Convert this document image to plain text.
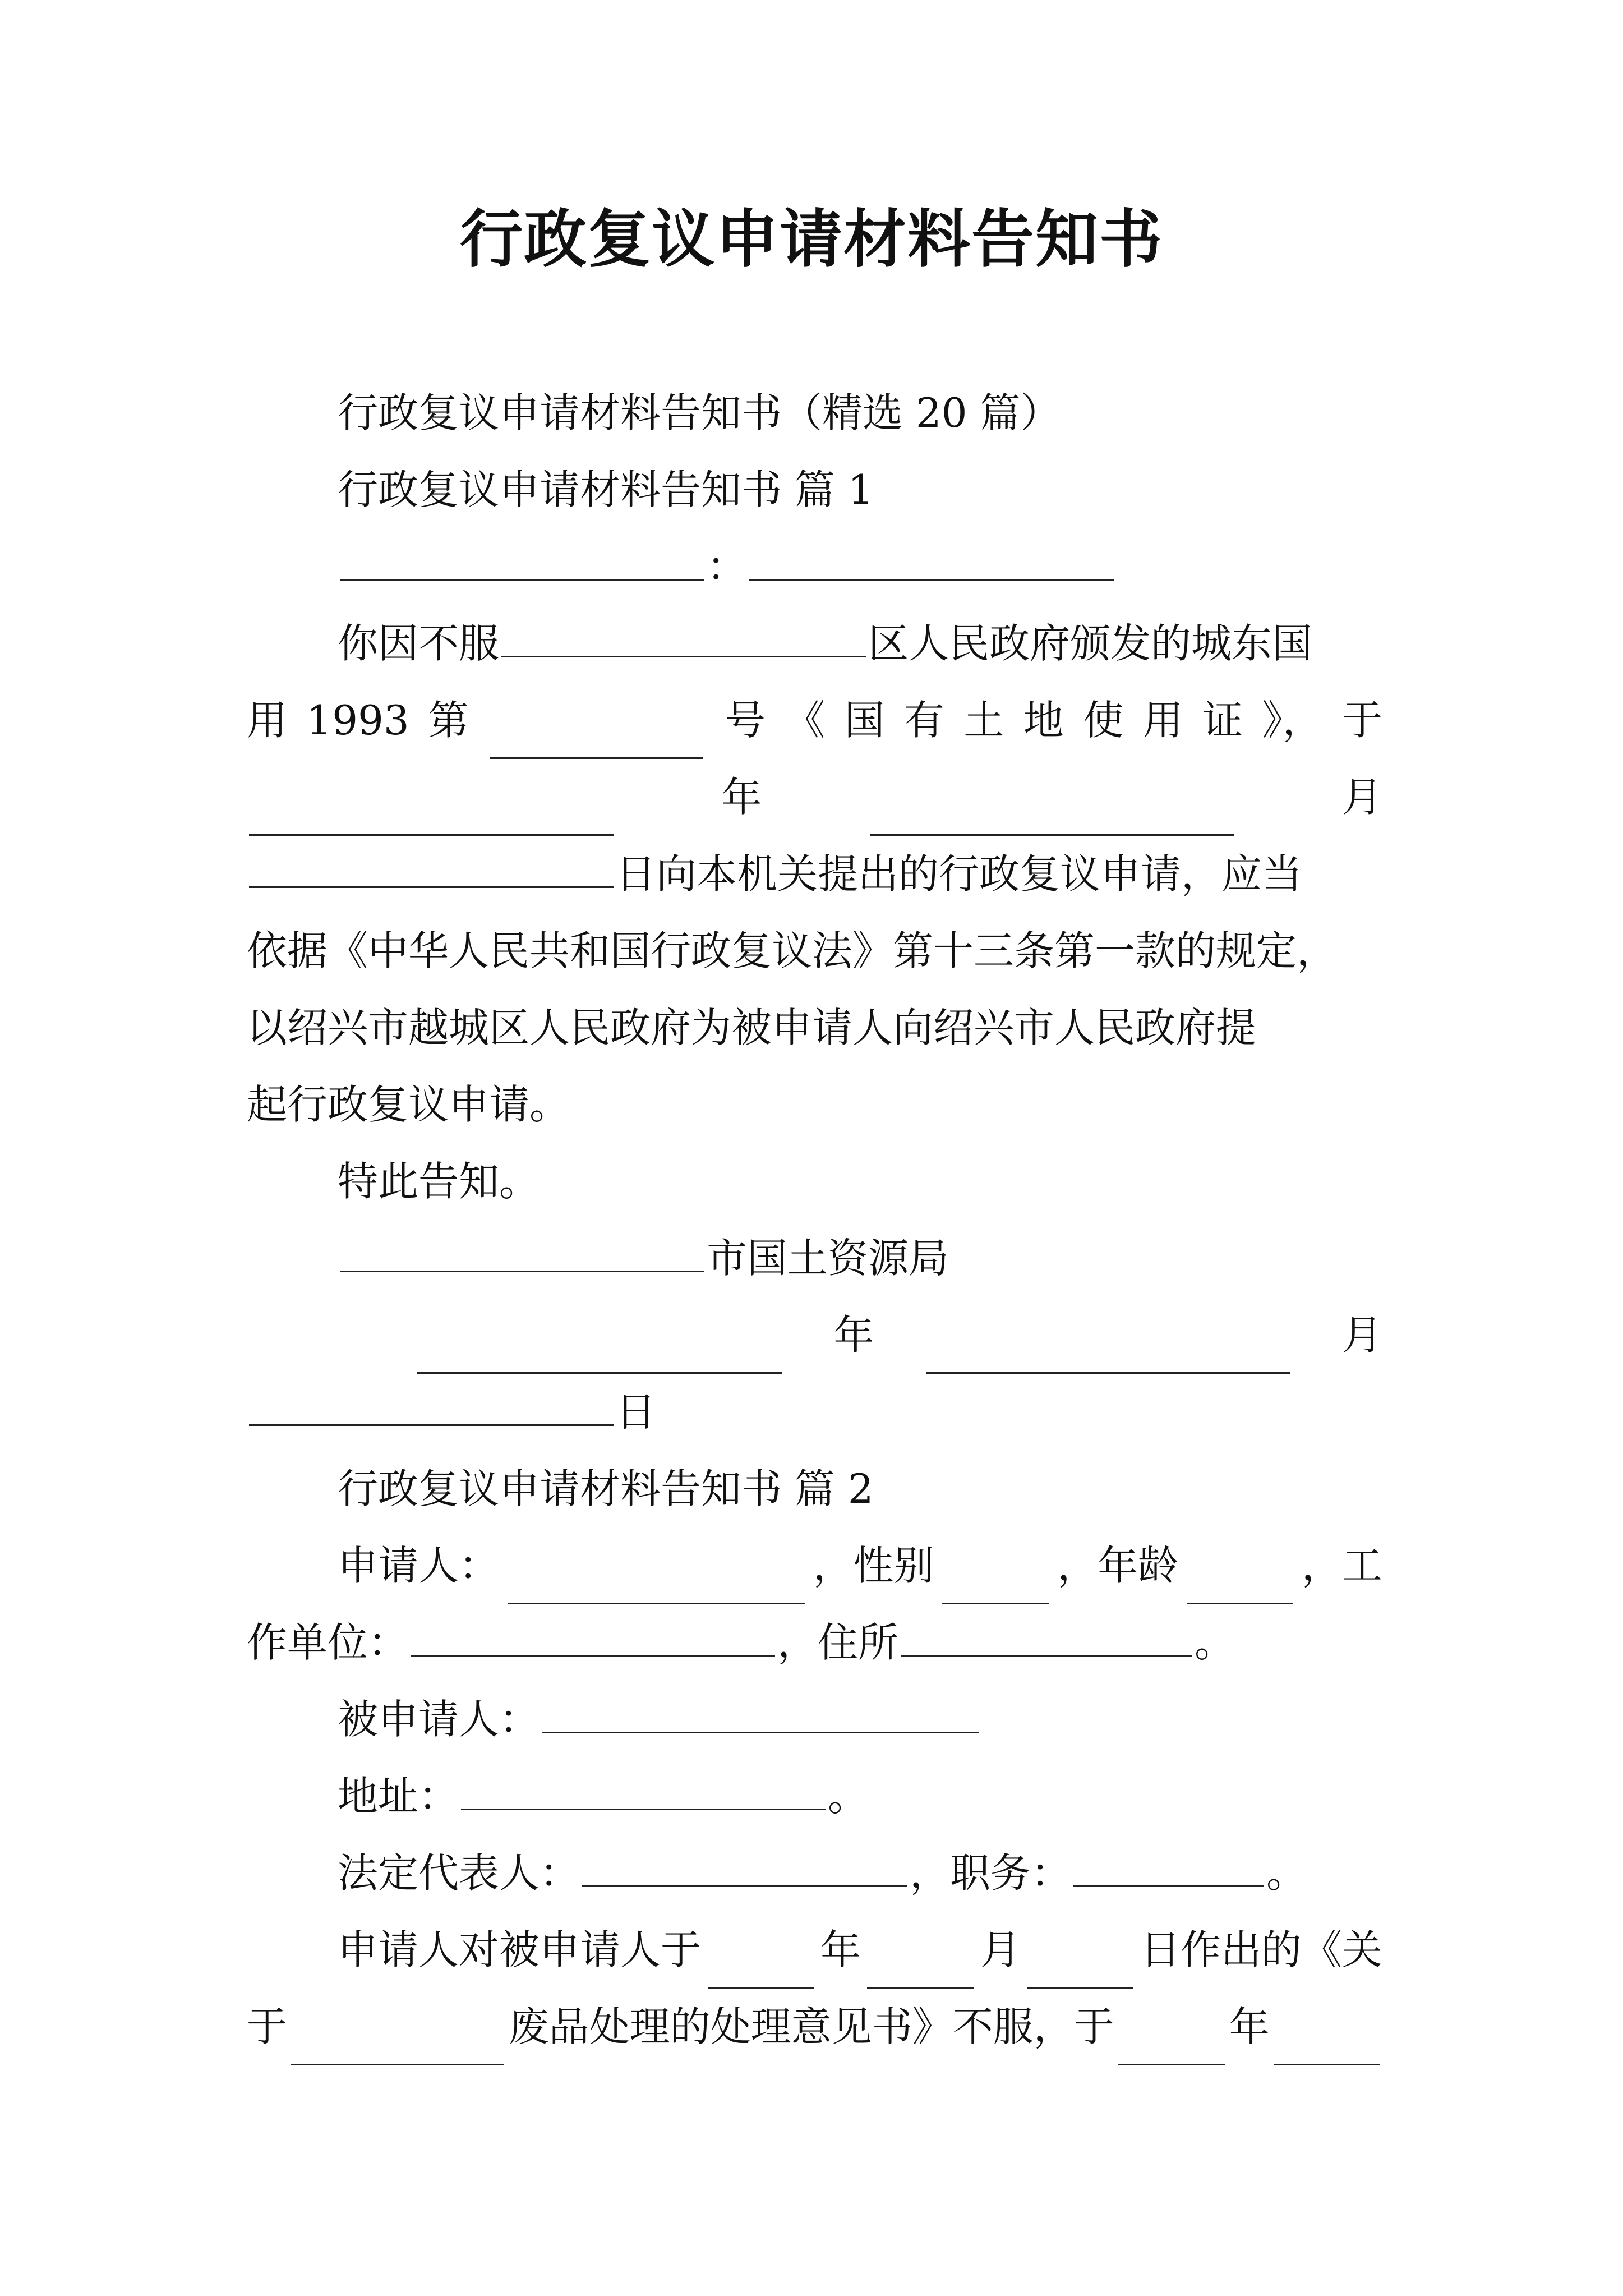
行政复议申请材料告知书

行政复议申请材料告知书（精选 20 篇）

行政复议申请材料告知书 篇 1

：

你因不服	区人民政府颁发的城东国

用 1993 第	号 《 国 有 土 地 使 用 证 》， 于

年	月

日向本机关提出的行政复议申请，应当

依据《中华人民共和国行政复议法》第十三条第一款的规定，

以绍兴市越城区人民政府为被申请人向绍兴市人民政府提

起行政复议申请。

特此告知。

市国土资源局

年	月

日

行政复议申请材料告知书 篇 2

申请人：	，性别	，年龄	，工

作单位：	，住所	。

被申请人：

地址：	。

法定代表人：	，职务：	。

申请人对被申请人于	年	月	日作出的《关

于	废品处理的处理意见书》不服，于	年
